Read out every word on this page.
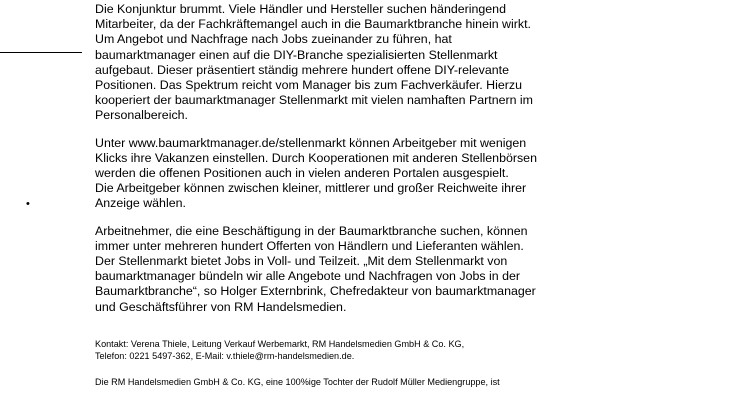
•

Die Konjunktur brummt. Viele Händler und Hersteller suchen händeringend
Mitarbeiter, da der Fachkräftemangel auch in die Baumarktbranche hinein wirkt.
Um Angebot und Nachfrage nach Jobs zueinander zu führen, hat
baumarktmanager einen auf die DIY-Branche spezialisierten Stellenmarkt
aufgebaut. Dieser präsentiert ständig mehrere hundert offene DIY-relevante
Positionen. Das Spektrum reicht vom Manager bis zum Fachverkäufer. Hierzu
kooperiert der baumarktmanager Stellenmarkt mit vielen namhaften Partnern im
Personalbereich.

Unter www.baumarktmanager.de/stellenmarkt können Arbeitgeber mit wenigen
Klicks ihre Vakanzen einstellen. Durch Kooperationen mit anderen Stellenbörsen
werden die offenen Positionen auch in vielen anderen Portalen ausgespielt.
Die Arbeitgeber können zwischen kleiner, mittlerer und großer Reichweite ihrer
Anzeige wählen.

Arbeitnehmer, die eine Beschäftigung in der Baumarktbranche suchen, können
immer unter mehreren hundert Offerten von Händlern und Lieferanten wählen.
Der Stellenmarkt bietet Jobs in Voll- und Teilzeit. „Mit dem Stellenmarkt von
baumarktmanager bündeln wir alle Angebote und Nachfragen von Jobs in der
Baumarktbranche“, so Holger Externbrink, Chefredakteur von baumarktmanager
und Geschäftsführer von RM Handelsmedien.

Kontakt: Verena Thiele, Leitung Verkauf Werbemarkt, RM Handelsmedien GmbH & Co. KG,
Telefon: 0221 5497-362, E-Mail: v.thiele@rm-handelsmedien.de.

Die RM Handelsmedien GmbH & Co. KG, eine 100%ige Tochter der Rudolf Müller Mediengruppe, ist
